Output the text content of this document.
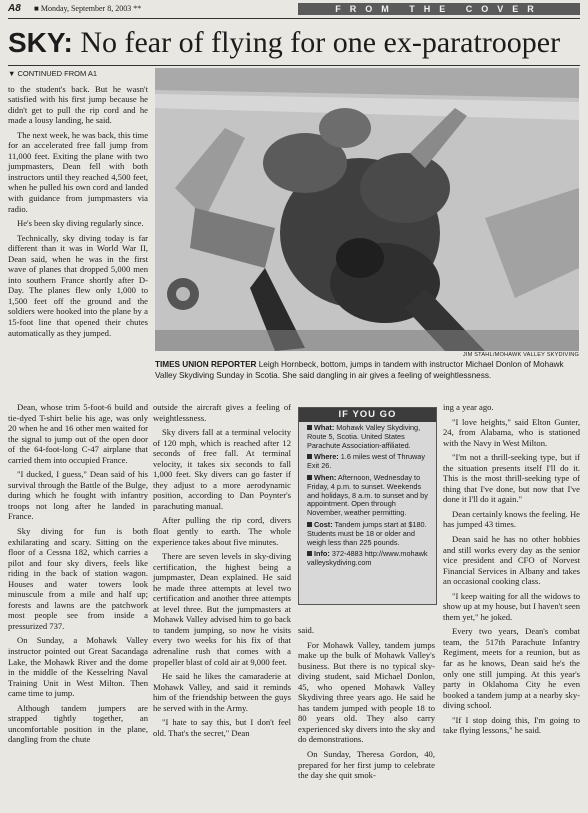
A8 ■ Monday, September 8, 2003 **	FROM THE COVER
SKY: No fear of flying for one ex-paratrooper

▼ CONTINUED FROM A1

to the student's back. But he wasn't satisfied with his first jump because he didn't get to pull the rip cord and he made a lousy landing, he said.

The next week, he was back, this time for an accelerated free fall jump from 11,000 feet. Exiting the plane with two jumpmasters, Dean fell with both instructors until they reached 4,500 feet, when he pulled his own cord and landed with guidance from jumpmasters via radio.

He's been sky diving regularly since.

Technically, sky diving today is far different than it was in World War II, Dean said, when he was in the first wave of planes that dropped 5,000 men into southern France shortly after D-Day. The planes flew only 1,000 to 1,500 feet off the ground and the soldiers were hooked into the plane by a 15-foot line that opened their chutes automatically as they jumped.

JIM STAHL/MOHAWK VALLEY SKYDIVING
TIMES UNION REPORTER Leigh Hornbeck, bottom, jumps in tandem with instructor Michael Donlon of Mohawk Valley Skydiving Sunday in Scotia. She said dangling in air gives a feeling of weightlessness.

Dean, whose trim 5-foot-6 build and tie-dyed T-shirt belie his age, was only 20 when he and 16 other men waited for the signal to jump out of the open door of the 64-foot-long C-47 airplane that carried them into occupied France.

"I ducked, I guess," Dean said of his survival through the Battle of the Bulge, during which he fought with infantry troops not long after he landed in France.

Sky diving for fun is both exhilarating and scary. Sitting on the floor of a Cessna 182, which carries a pilot and four sky divers, feels like riding in the back of station wagon. Houses and water towers look minuscule from a mile and half up; forests and lawns are the patchwork most people see from inside a pressurized 737.

On Sunday, a Mohawk Valley instructor pointed out Great Sacandaga Lake, the Mohawk River and the dome in the middle of the Kesselring Naval Training Unit in West Milton. Then came time to jump.

Although tandem jumpers are strapped tightly together, an uncomfortable position in the plane, dangling from the chute

outside the aircraft gives a feeling of weightlessness.

Sky divers fall at a terminal velocity of 120 mph, which is reached after 12 seconds of free fall. At terminal velocity, it takes six seconds to fall 1,000 feet. Sky divers can go faster if they adjust to a more aerodynamic position, according to Dan Poynter's parachuting manual.

After pulling the rip cord, divers float gently to earth. The whole experience takes about five minutes.

There are seven levels in sky-diving certification, the highest being a jumpmaster, Dean explained. He said he made three attempts at level two certification and another three attempts at level three. But the jumpmasters at Mohawk Valley advised him to go back to tandem jumping, so now he visits every two weeks for his fix of that adrenaline rush that comes with a propeller blast of cold air at 9,000 feet.

He said he likes the camaraderie at Mohawk Valley, and said it reminds him of the friendship between the guys he served with in the Army.

"I hate to say this, but I don't feel old. That's the secret," Dean

IF YOU GO
What: Mohawk Valley Skydiving, Route 5, Scotia. United States Parachute Association-affiliated.
Where: 1.6 miles west of Thruway Exit 26.
When: Afternoon, Wednesday to Friday, 4 p.m. to sunset. Weekends and holidays, 8 a.m. to sunset and by appointment. Open through November, weather permitting.
Cost: Tandem jumps start at $180. Students must be 18 or older and weigh less than 225 pounds.
Info: 372-4883 http://www.mohawkvalleyskydiving.com

said.

For Mohawk Valley, tandem jumps make up the bulk of Mohawk Valley's business. But there is no typical sky-diving student, said Michael Donlon, 45, who opened Mohawk Valley Skydiving three years ago. He said he has tandem jumped with people 18 to 80 years old. They also carry experienced sky divers into the sky and do demonstrations.

On Sunday, Theresa Gordon, 40, prepared for her first jump to celebrate the day she quit smok-

ing a year ago.

"I love heights," said Elton Gunter, 24, from Alabama, who is stationed with the Navy in West Milton.

"I'm not a thrill-seeking type, but if the situation presents itself I'll do it. This is the most thrill-seeking type of thing that I've done, but now that I've done it I'll do it again."

Dean certainly knows the feeling. He has jumped 43 times.

Dean said he has no other hobbies and still works every day as the senior vice president and CFO of Norvest Financial Services in Albany and takes an occasional cooking class.

"I keep waiting for all the widows to show up at my house, but I haven't seen them yet," he joked.

Every two years, Dean's combat team, the 517th Parachute Infantry Regiment, meets for a reunion, but as far as he knows, Dean said he's the only one still jumping. At this year's party in Oklahoma City he even booked a tandem jump at a nearby sky-diving school.

"If I stop doing this, I'm going to take flying lessons," he said.
